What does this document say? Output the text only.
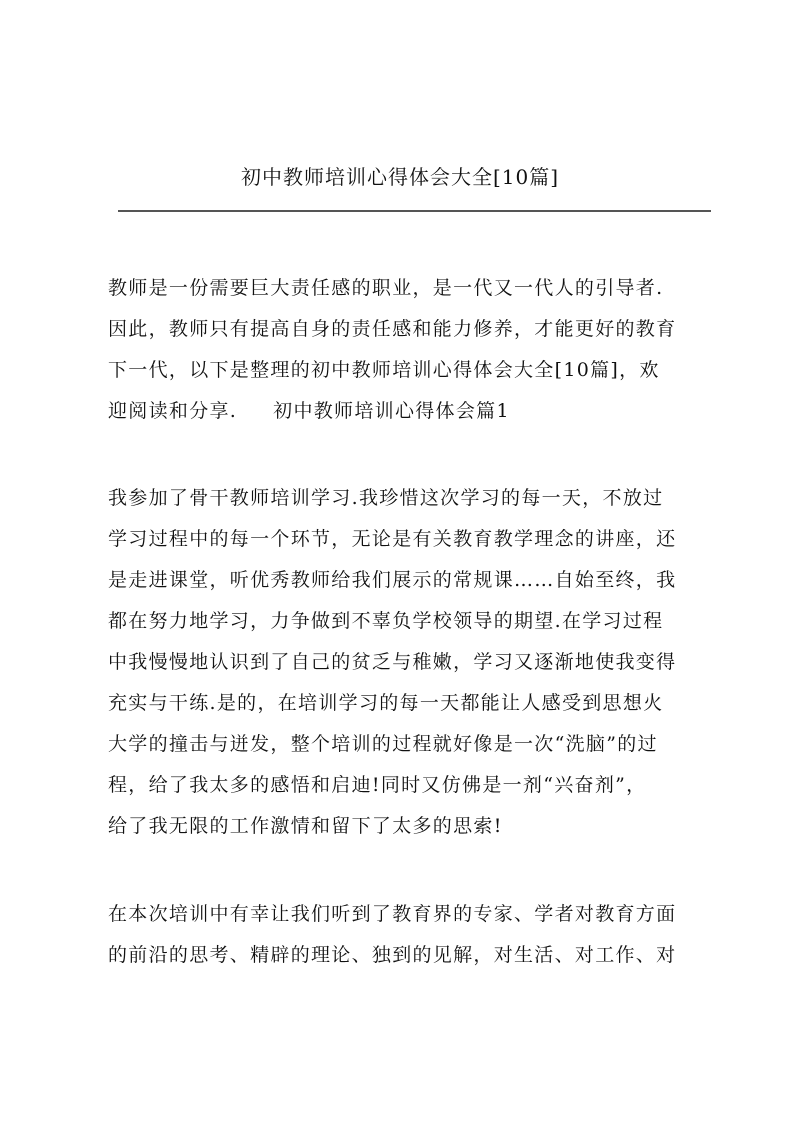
初中教师培训心得体会大全[10篇]
教师是一份需要巨大责任感的职业，是一代又一代人的引导者.
因此，教师只有提高自身的责任感和能力修养，才能更好的教育
下一代，以下是整理的初中教师培训心得体会大全[10篇]，欢
迎阅读和分享. 初中教师培训心得体会篇1
我参加了骨干教师培训学习.我珍惜这次学习的每一天，不放过
学习过程中的每一个环节，无论是有关教育教学理念的讲座，还
是走进课堂，听优秀教师给我们展示的常规课……自始至终，我
都在努力地学习，力争做到不辜负学校领导的期望.在学习过程
中我慢慢地认识到了自己的贫乏与稚嫩，学习又逐渐地使我变得
充实与干练.是的，在培训学习的每一天都能让人感受到思想火
大学的撞击与迸发，整个培训的过程就好像是一次“洗脑”的过
程，给了我太多的感悟和启迪!同时又仿佛是一剂“兴奋剂”，
给了我无限的工作激情和留下了太多的思索!
在本次培训中有幸让我们听到了教育界的专家、学者对教育方面
的前沿的思考、精辟的理论、独到的见解，对生活、对工作、对
